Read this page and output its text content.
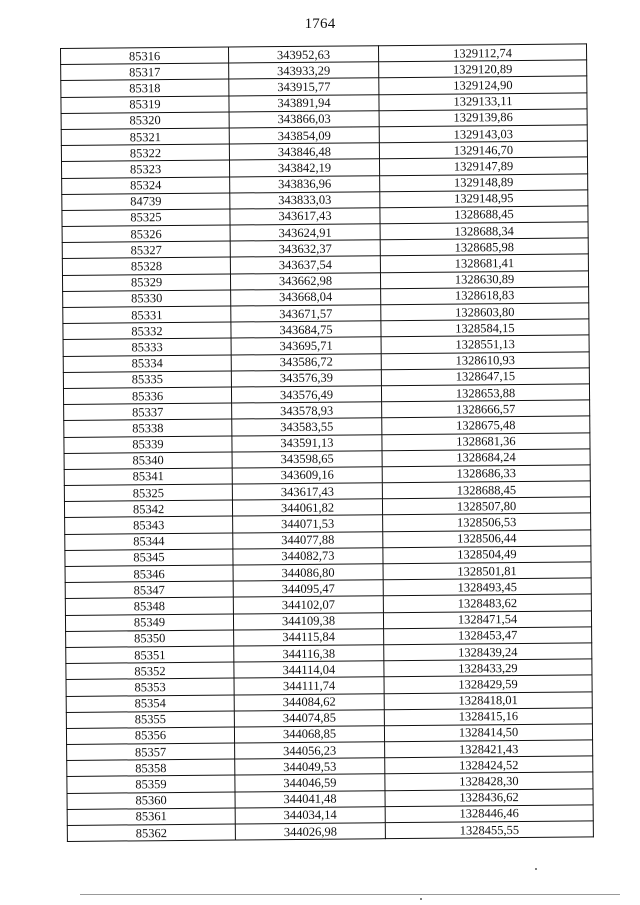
1764
85316	343952,63	1329112,74
85317	343933,29	1329120,89
85318	343915,77	1329124,90
85319	343891,94	1329133,11
85320	343866,03	1329139,86
85321	343854,09	1329143,03
85322	343846,48	1329146,70
85323	343842,19	1329147,89
85324	343836,96	1329148,89
84739	343833,03	1329148,95
85325	343617,43	1328688,45
85326	343624,91	1328688,34
85327	343632,37	1328685,98
85328	343637,54	1328681,41
85329	343662,98	1328630,89
85330	343668,04	1328618,83
85331	343671,57	1328603,80
85332	343684,75	1328584,15
85333	343695,71	1328551,13
85334	343586,72	1328610,93
85335	343576,39	1328647,15
85336	343576,49	1328653,88
85337	343578,93	1328666,57
85338	343583,55	1328675,48
85339	343591,13	1328681,36
85340	343598,65	1328684,24
85341	343609,16	1328686,33
85325	343617,43	1328688,45
85342	344061,82	1328507,80
85343	344071,53	1328506,53
85344	344077,88	1328506,44
85345	344082,73	1328504,49
85346	344086,80	1328501,81
85347	344095,47	1328493,45
85348	344102,07	1328483,62
85349	344109,38	1328471,54
85350	344115,84	1328453,47
85351	344116,38	1328439,24
85352	344114,04	1328433,29
85353	344111,74	1328429,59
85354	344084,62	1328418,01
85355	344074,85	1328415,16
85356	344068,85	1328414,50
85357	344056,23	1328421,43
85358	344049,53	1328424,52
85359	344046,59	1328428,30
85360	344041,48	1328436,62
85361	344034,14	1328446,46
85362	344026,98	1328455,55
